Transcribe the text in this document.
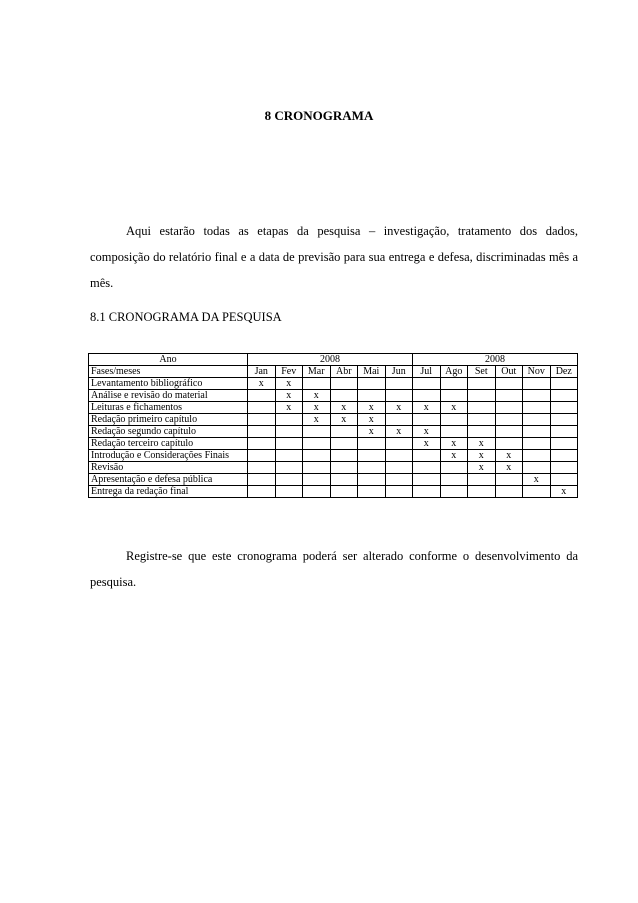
8 CRONOGRAMA

Aqui estarão todas as etapas da pesquisa – investigação, tratamento dos dados, composição do relatório final e a data de previsão para sua entrega e defesa, discriminadas mês a mês.

8.1 CRONOGRAMA DA PESQUISA
Ano	2008						2008					
Fases/meses	Jan	Fev	Mar	Abr	Mai	Jun	Jul	Ago	Set	Out	Nov	Dez
Levantamento bibliográfico	x	x										
Análise e revisão do material		x	x									
Leituras e fichamentos		x	x	x	x	x	x	x				
Redação primeiro capítulo			x	x	x							
Redação segundo capítulo					x	x	x					
Redação terceiro capítulo							x	x	x			
Introdução e Considerações Finais								x	x	x		
Revisão									x	x		
Apresentação e defesa pública											x	
Entrega da redação final												x

Registre-se que este cronograma poderá ser alterado conforme o desenvolvimento da pesquisa.
